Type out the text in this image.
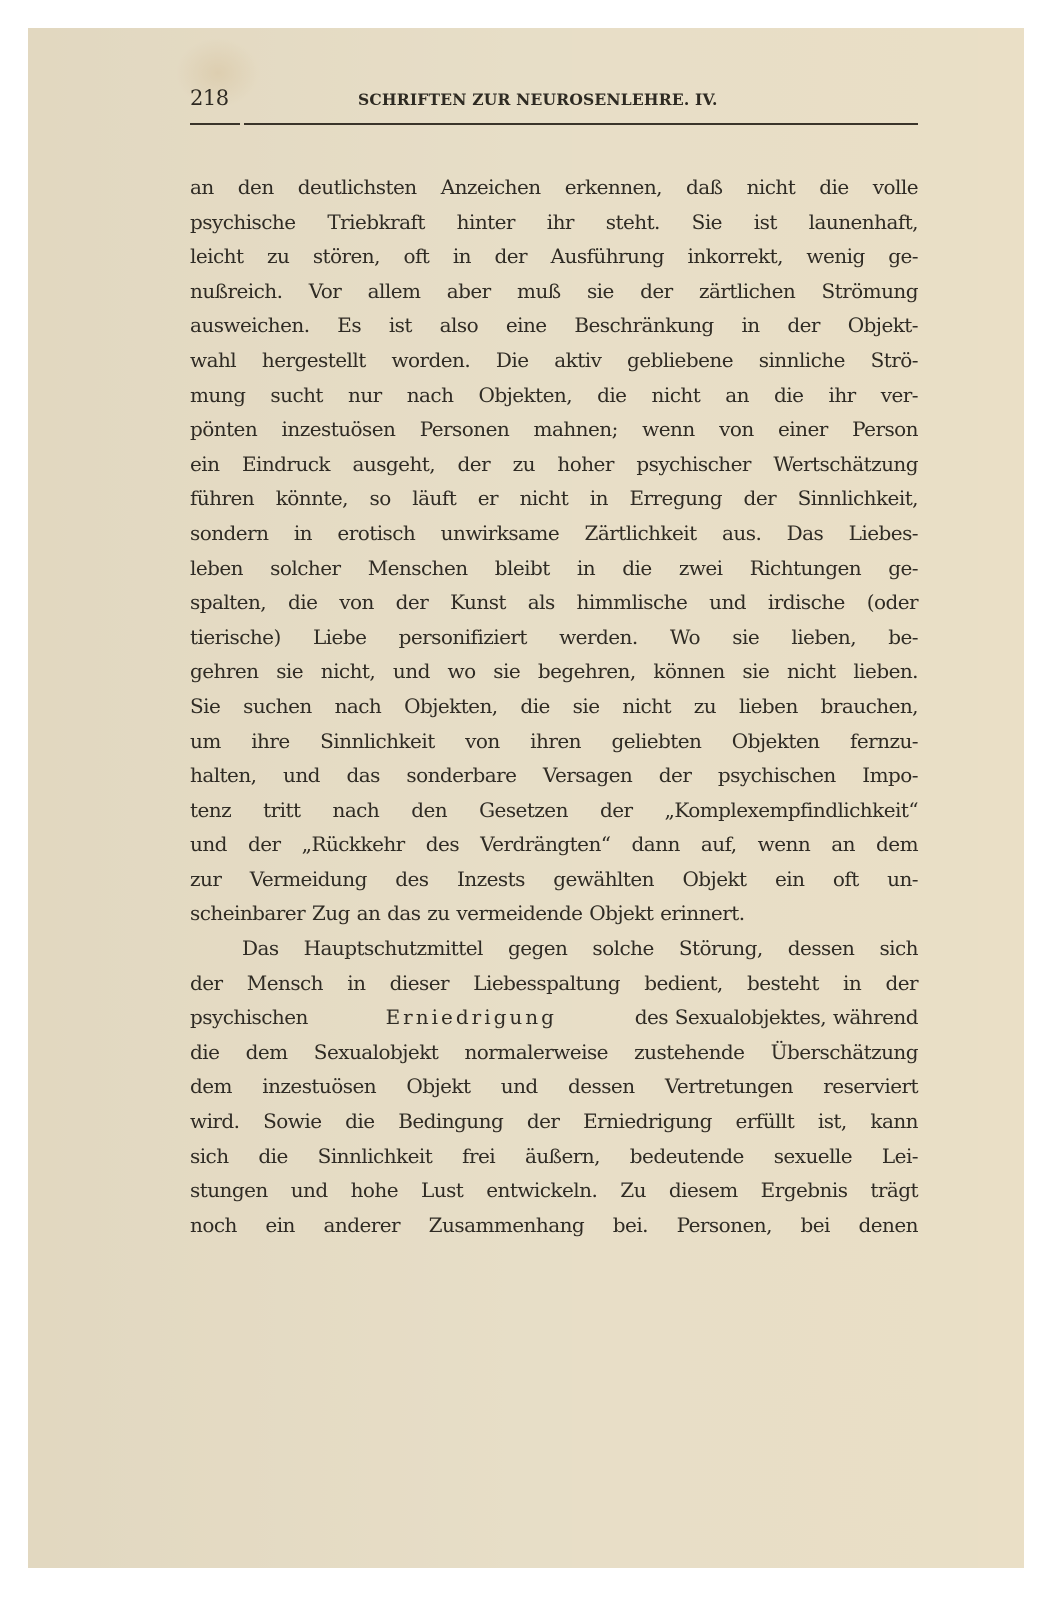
218	SCHRIFTEN ZUR NEUROSENLEHRE. IV.
an den deutlichsten Anzeichen erkennen, daß nicht die volle
psychische Triebkraft hinter ihr steht. Sie ist launenhaft,
leicht zu stören, oft in der Ausführung inkorrekt, wenig ge-
nußreich. Vor allem aber muß sie der zärtlichen Strömung
ausweichen. Es ist also eine Beschränkung in der Objekt-
wahl hergestellt worden. Die aktiv gebliebene sinnliche Strö-
mung sucht nur nach Objekten, die nicht an die ihr ver-
pönten inzestuösen Personen mahnen; wenn von einer Person
ein Eindruck ausgeht, der zu hoher psychischer Wertschätzung
führen könnte, so läuft er nicht in Erregung der Sinnlichkeit,
sondern in erotisch unwirksame Zärtlichkeit aus. Das Liebes-
leben solcher Menschen bleibt in die zwei Richtungen ge-
spalten, die von der Kunst als himmlische und irdische (oder
tierische) Liebe personifiziert werden. Wo sie lieben, be-
gehren sie nicht, und wo sie begehren, können sie nicht lieben.
Sie suchen nach Objekten, die sie nicht zu lieben brauchen,
um ihre Sinnlichkeit von ihren geliebten Objekten fernzu-
halten, und das sonderbare Versagen der psychischen Impo-
tenz tritt nach den Gesetzen der „Komplexempfindlichkeit“
und der „Rückkehr des Verdrängten“ dann auf, wenn an dem
zur Vermeidung des Inzests gewählten Objekt ein oft un-
scheinbarer Zug an das zu vermeidende Objekt erinnert.
Das Hauptschutzmittel gegen solche Störung, dessen sich
der Mensch in dieser Liebesspaltung bedient, besteht in der
psychischen	Erniedrigung	des Sexualobjektes, während
die dem Sexualobjekt normalerweise zustehende Überschätzung
dem inzestuösen Objekt und dessen Vertretungen reserviert
wird. Sowie die Bedingung der Erniedrigung erfüllt ist, kann
sich die Sinnlichkeit frei äußern, bedeutende sexuelle Lei-
stungen und hohe Lust entwickeln. Zu diesem Ergebnis trägt
noch ein anderer Zusammenhang bei. Personen, bei denen
